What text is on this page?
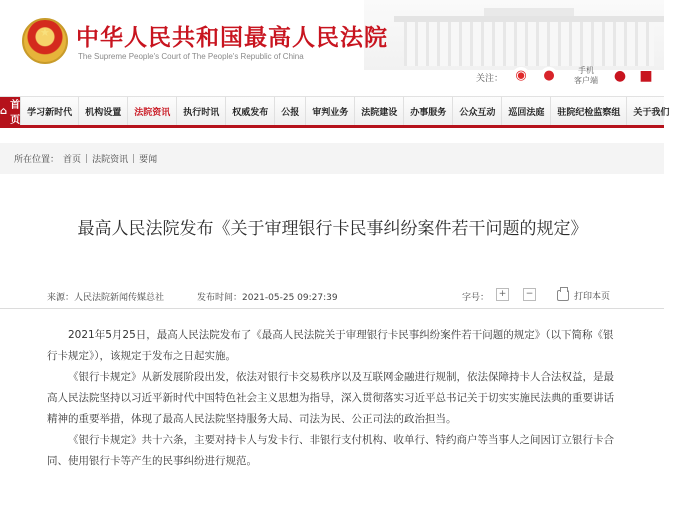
★
中华人民共和国最高人民法院
The Supreme People's Court of The People's Republic of China
关注： ◉ ●	手机
客户端 ● ■
⌂ 首页
学习新时代	机构设置	法院资讯	执行时讯	权威发布	公报	审判业务	法院建设	办事服务	公众互动	巡回法庭	驻院纪检监察组	关于我们
所在位置： 首页 | 法院资讯 | 要闻
最高人民法院发布《关于审理银行卡民事纠纷案件若干问题的规定》
来源：人民法院新闻传媒总社	发布时间：2021-05-25 09:27:39	字号：	+	−	打印本页

2021年5月25日，最高人民法院发布了《最高人民法院关于审理银行卡民事纠纷案件若干问题的规定》（以下简称《银行卡规定》），该规定于发布之日起实施。

《银行卡规定》从新发展阶段出发，依法对银行卡交易秩序以及互联网金融进行规制，依法保障持卡人合法权益，是最高人民法院坚持以习近平新时代中国特色社会主义思想为指导，深入贯彻落实习近平总书记关于切实实施民法典的重要讲话精神的重要举措，体现了最高人民法院坚持服务大局、司法为民、公正司法的政治担当。

《银行卡规定》共十六条，主要对持卡人与发卡行、非银行支付机构、收单行、特约商户等当事人之间因订立银行卡合同、使用银行卡等产生的民事纠纷进行规范。
